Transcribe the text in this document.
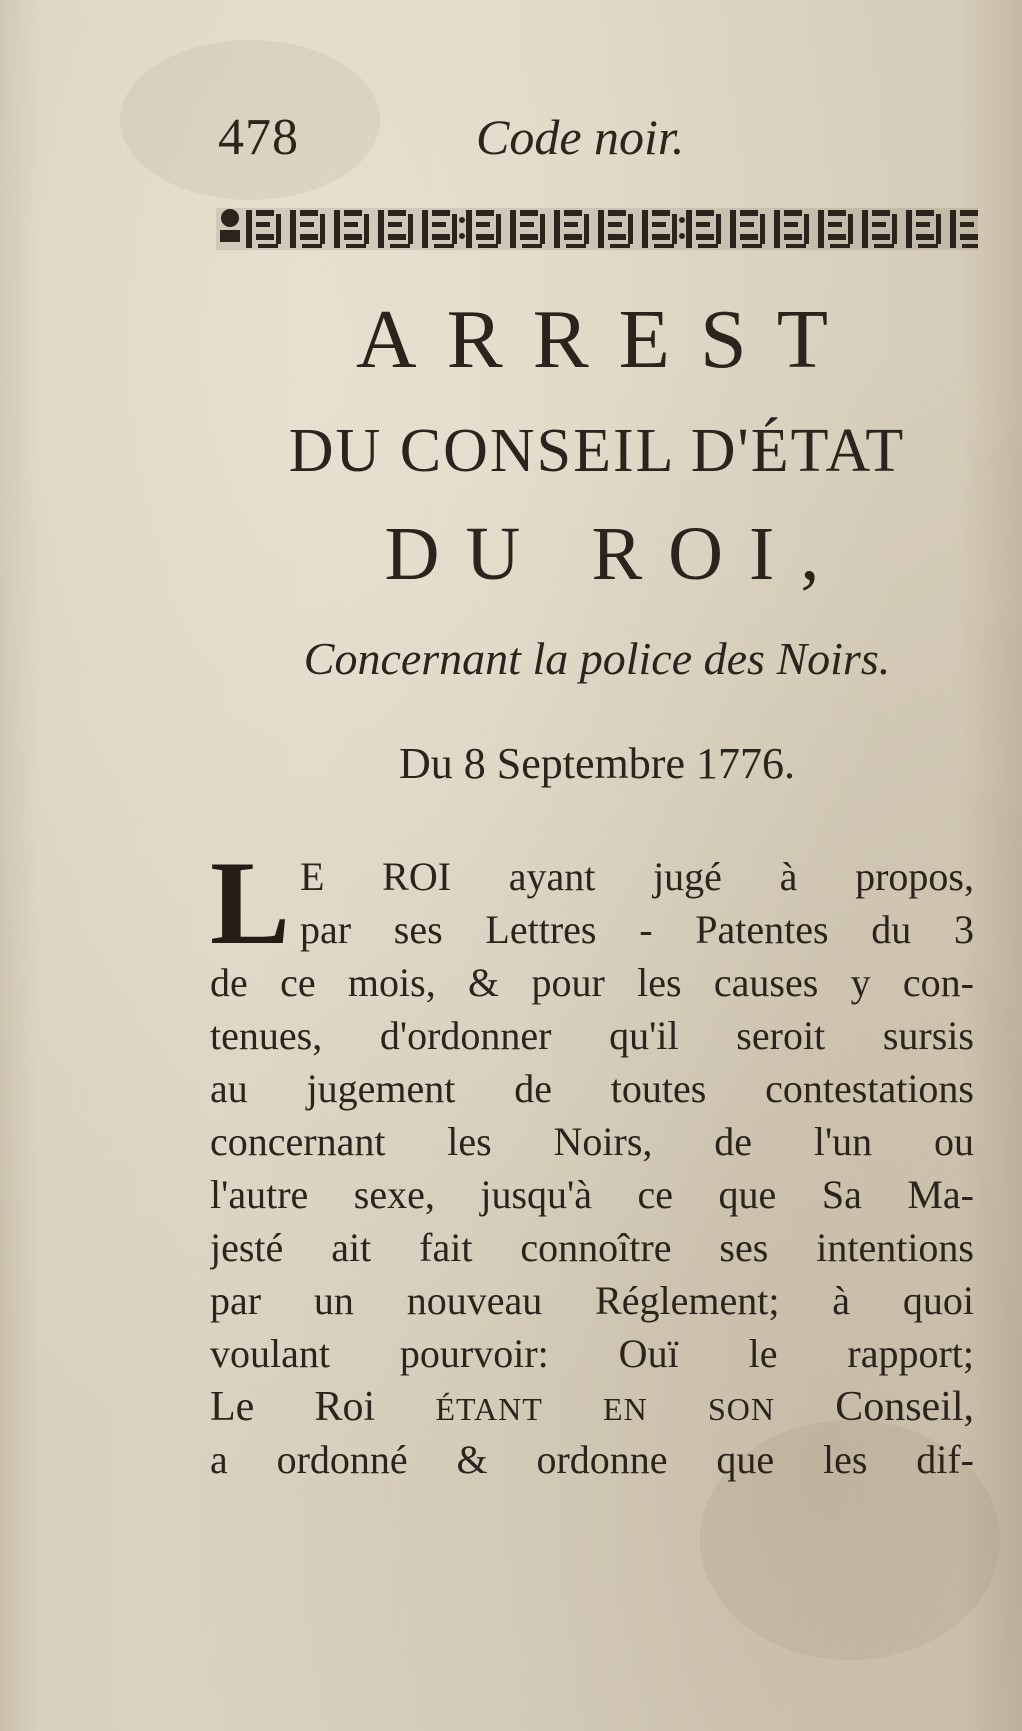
478	Code noir.
ARREST
DU CONSEIL D'ÉTAT
DU ROI,
Concernant la police des Noirs.
Du 8 Septembre 1776.
L E ROI ayant jugé à propos,
par ses Lettres - Patentes du 3
de ce mois, & pour les causes y con-
tenues, d'ordonner qu'il seroit sursis
au jugement de toutes contestations
concernant les Noirs, de l'un ou
l'autre sexe, jusqu'à ce que Sa Ma-
jesté ait fait connoître ses intentions
par un nouveau Réglement; à quoi
voulant pourvoir: Ouï le rapport;
Le Roi ÉTANT EN SON Conseil,
a ordonné & ordonne que les dif-
